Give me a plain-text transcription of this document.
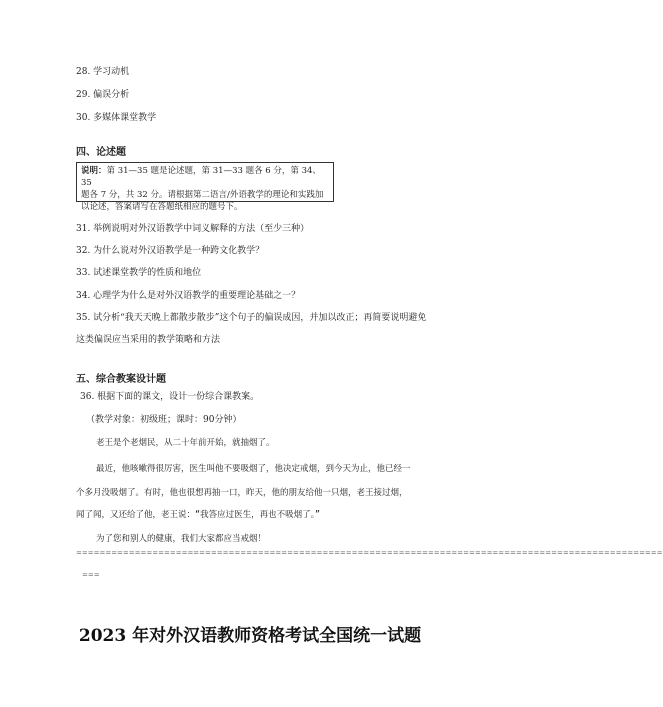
28. 学习动机
29. 偏误分析
30. 多媒体课堂教学
四、论述题
说明：第 31—35 题是论述题，第 31—33 题各 6 分，第 34、35
题各 7 分，共 32 分。请根据第二语言/外语教学的理论和实践加
以论述，答案请写在答题纸相应的题号下。
31. 举例说明对外汉语教学中词义解释的方法（至少三种）
32. 为什么说对外汉语教学是一种跨文化教学？
33. 试述课堂教学的性质和地位
34. 心理学为什么是对外汉语教学的重要理论基础之一？
35. 试分析“我天天晚上都散步散步”这个句子的偏误成因，并加以改正；再简要说明避免
这类偏误应当采用的教学策略和方法
五、综合教案设计题
36. 根据下面的课文，设计一份综合课教案。
（教学对象：初级班；课时：90分钟）
老王是个老烟民，从二十年前开始，就抽烟了。
最近，他咳嗽得很厉害，医生叫他不要吸烟了，他决定戒烟，到今天为止，他已经一
个多月没吸烟了。有时，他也很想再抽一口，昨天，他的朋友给他一只烟，老王接过烟，
闻了闻，又还给了他，老王说：“我答应过医生，再也不吸烟了。”
为了您和别人的健康，我们大家都应当戒烟！
====================================================================================================
===
2023 年对外汉语教师资格考试全国统一试题
